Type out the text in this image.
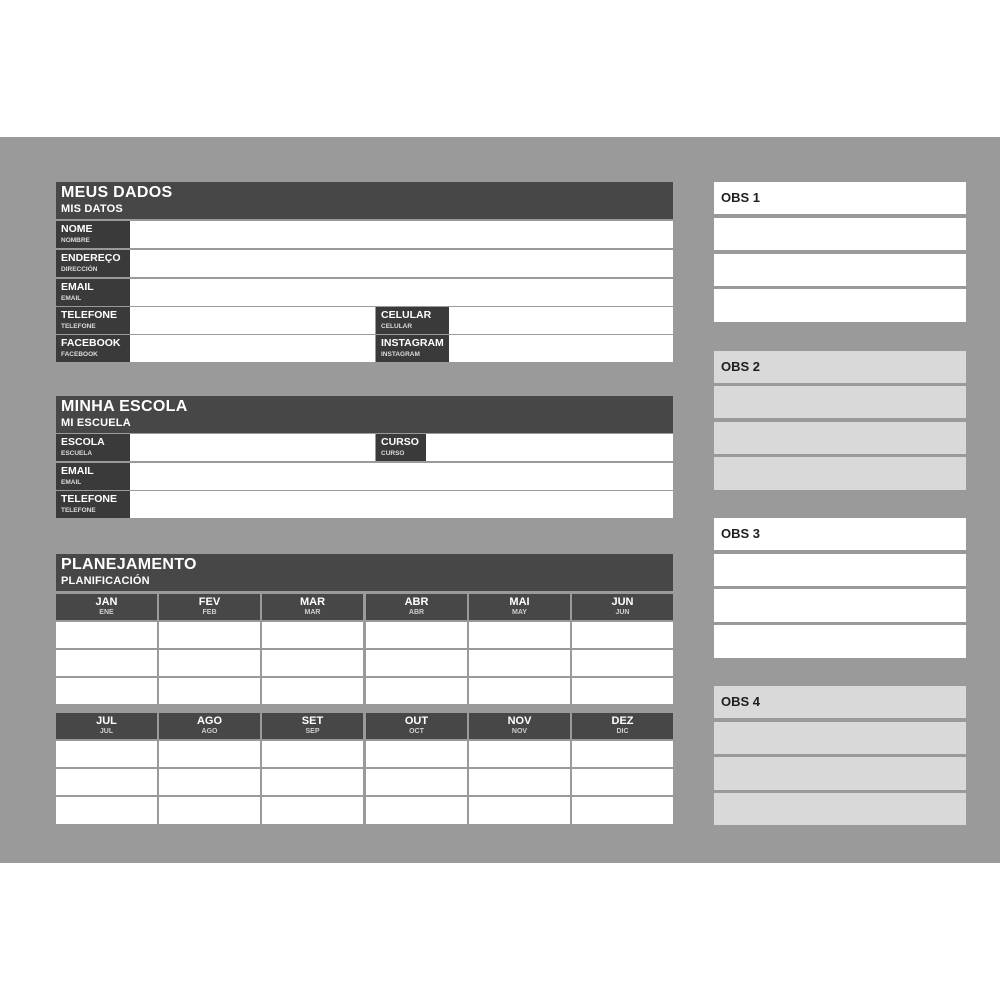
MEUS DADOS
MIS DATOS
NOME
NOMBRE
ENDEREÇO
DIRECCIÓN
EMAIL
EMAIL
TELEFONE
TELEFONE
CELULAR
CELULAR
FACEBOOK
FACEBOOK
INSTAGRAM
INSTAGRAM
MINHA ESCOLA
MI ESCUELA
ESCOLA
ESCUELA
CURSO
CURSO
EMAIL
EMAIL
TELEFONE
TELEFONE
PLANEJAMENTO
PLANIFICACIÓN
JAN
ENE
FEV
FEB
MAR
MAR
ABR
ABR
MAI
MAY
JUN
JUN
JUL
JUL
AGO
AGO
SET
SEP
OUT
OCT
NOV
NOV
DEZ
DIC
OBS 1
OBS 2
OBS 3
OBS 4
